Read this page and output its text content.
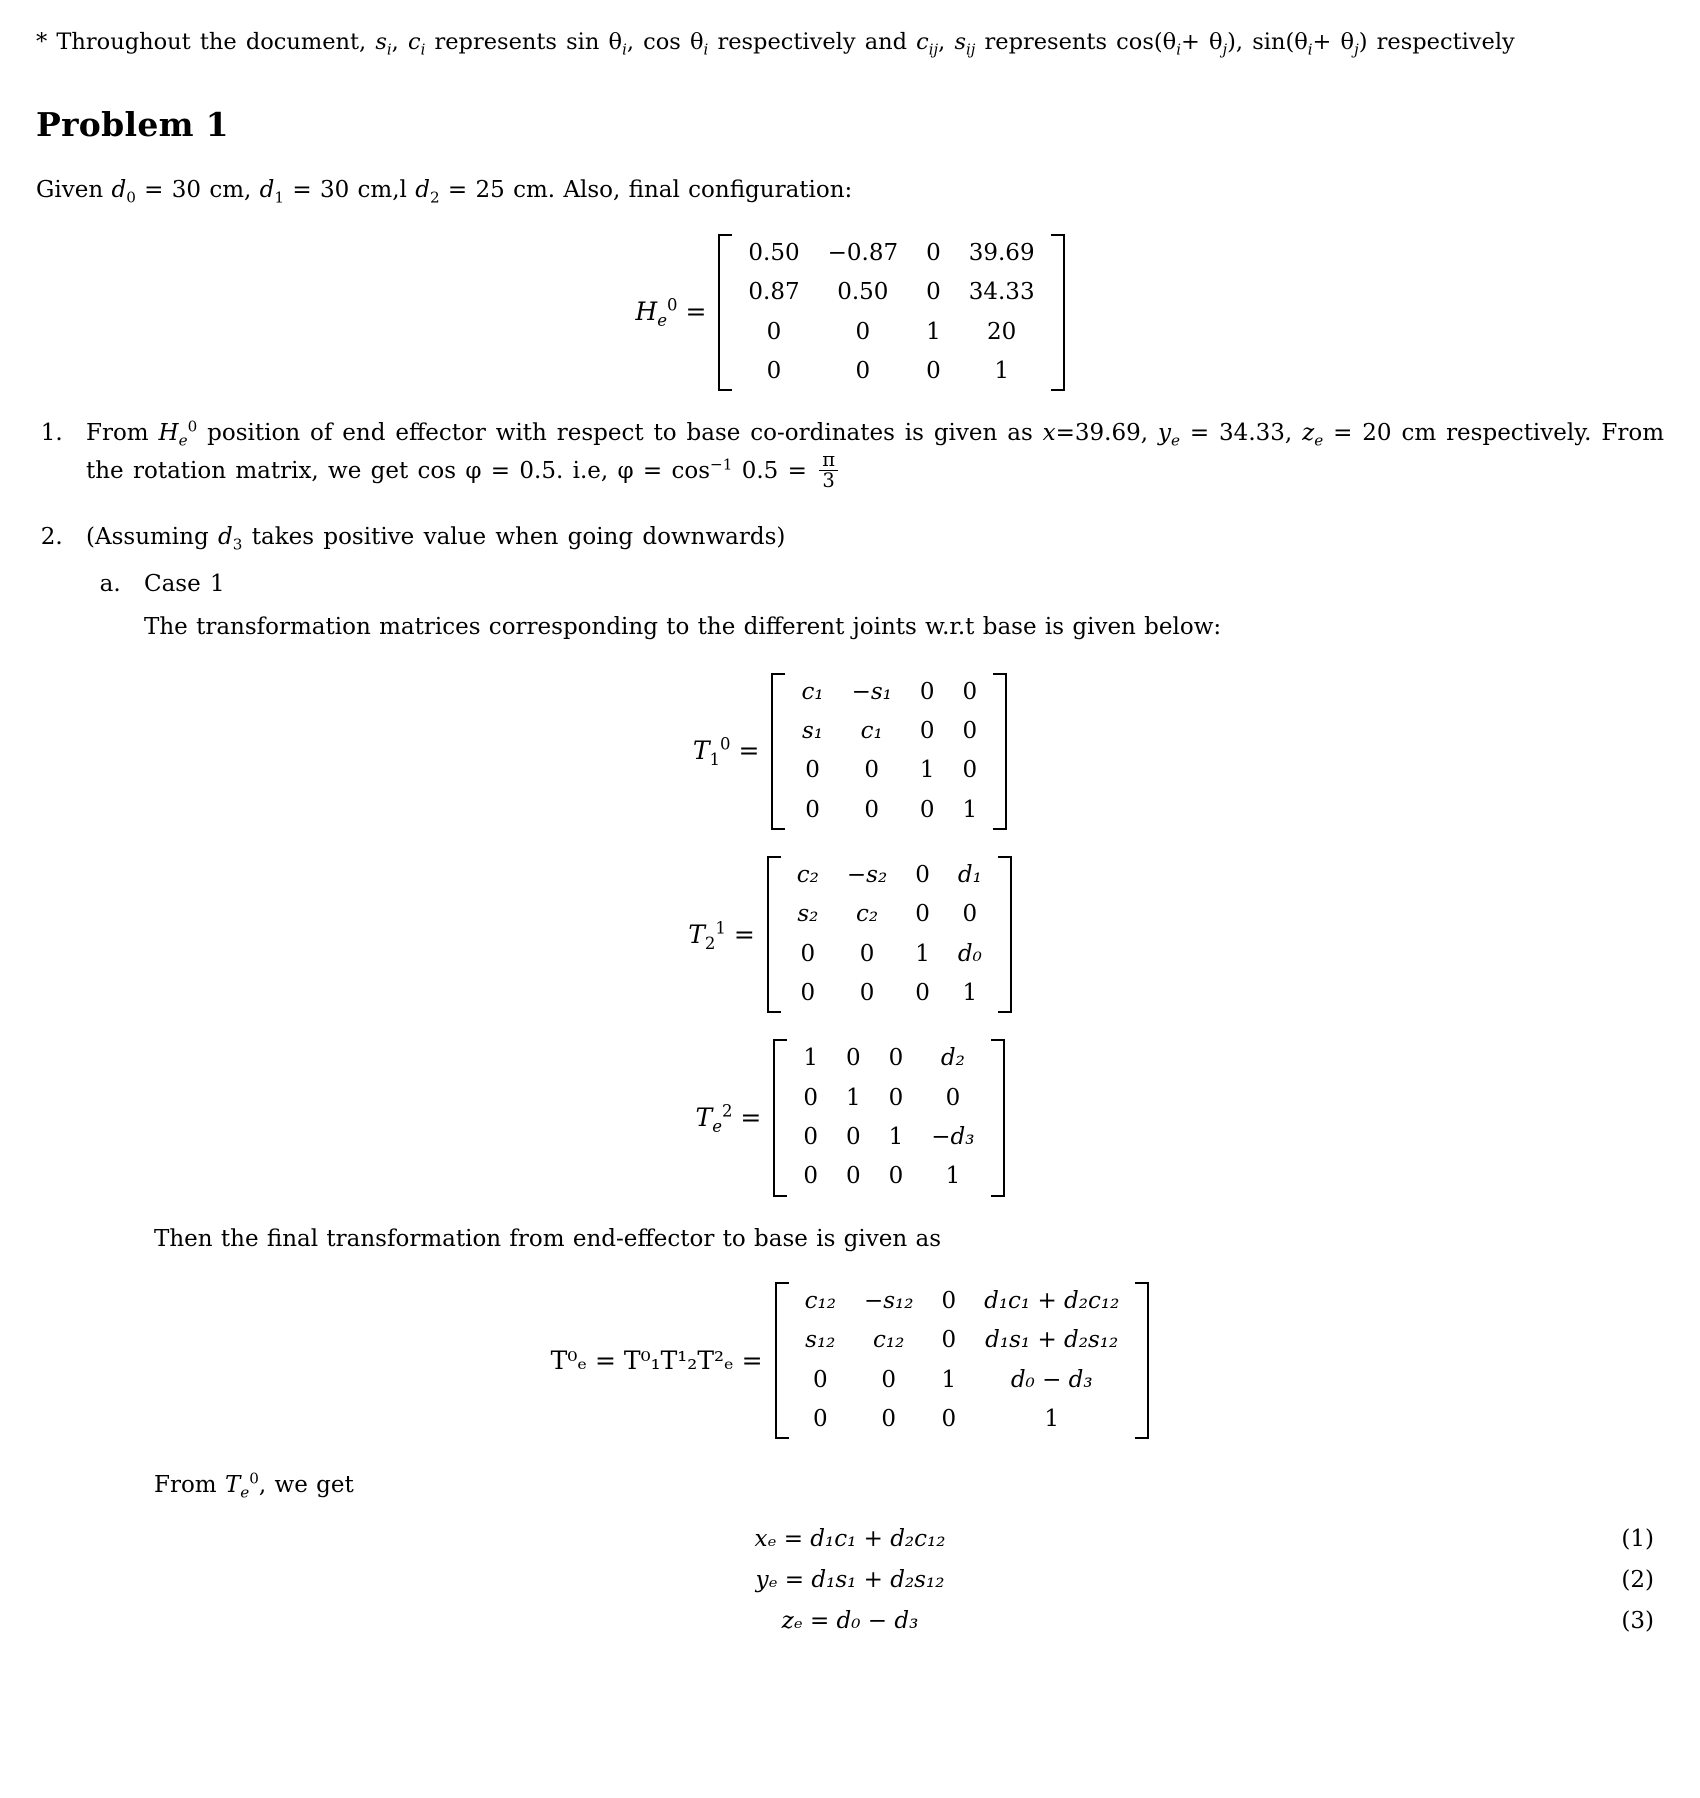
* Throughout the document, $s_i$, $c_i$ represents $\sin \theta_i$, $\cos \theta_i$ respectively and $c_{ij}$, $s_{ij}$ represents $\cos(\theta_i+ \theta_j)$, $\sin(\theta_i+ \theta_j)$ respectively

Problem 1

Given $d_0 = 30$ cm, $d_1 = 30$ cm,l $d_2 = 25$ cm. Also, final configuration:

$H_e^0$ =
0.50	−0.87	0	39.69
0.87	0.50	0	34.33
0	0	1	20
0	0	0	1
1. From $H_e^0$ position of end effector with respect to base co-ordinates is given as x=39.69, $y_e = 34.33$, $z_e = 20$ cm respectively. From the rotation matrix, we get cos φ = 0.5. i.e, $\varphi = \cos^{-1} 0.5 = \frac{\pi}{3}$
2. (Assuming $d_3$ takes positive value when going downwards)
a. Case 1
The transformation matrices corresponding to the different joints w.r.t base is given below:
$T_1^0$ =
c₁	−s₁	0	0
s₁	c₁	0	0
0	0	1	0
0	0	0	1
$T_2^1$ =
c₂	−s₂	0	d₁
s₂	c₂	0	0
0	0	1	d₀
0	0	0	1
$T_e^2$ =
1	0	0	d₂
0	1	0	0
0	0	1	−d₃
0	0	0	1
Then the final transformation from end-effector to base is given as
T⁰ₑ = T⁰₁T¹₂T²ₑ =
c₁₂	−s₁₂	0	d₁c₁ + d₂c₁₂
s₁₂	c₁₂	0	d₁s₁ + d₂s₁₂
0	0	1	d₀ − d₃
0	0	0	1
From $T_e^0$, we get
xₑ = d₁c₁ + d₂c₁₂	(1)
yₑ = d₁s₁ + d₂s₁₂	(2)
zₑ = d₀ − d₃	(3)
